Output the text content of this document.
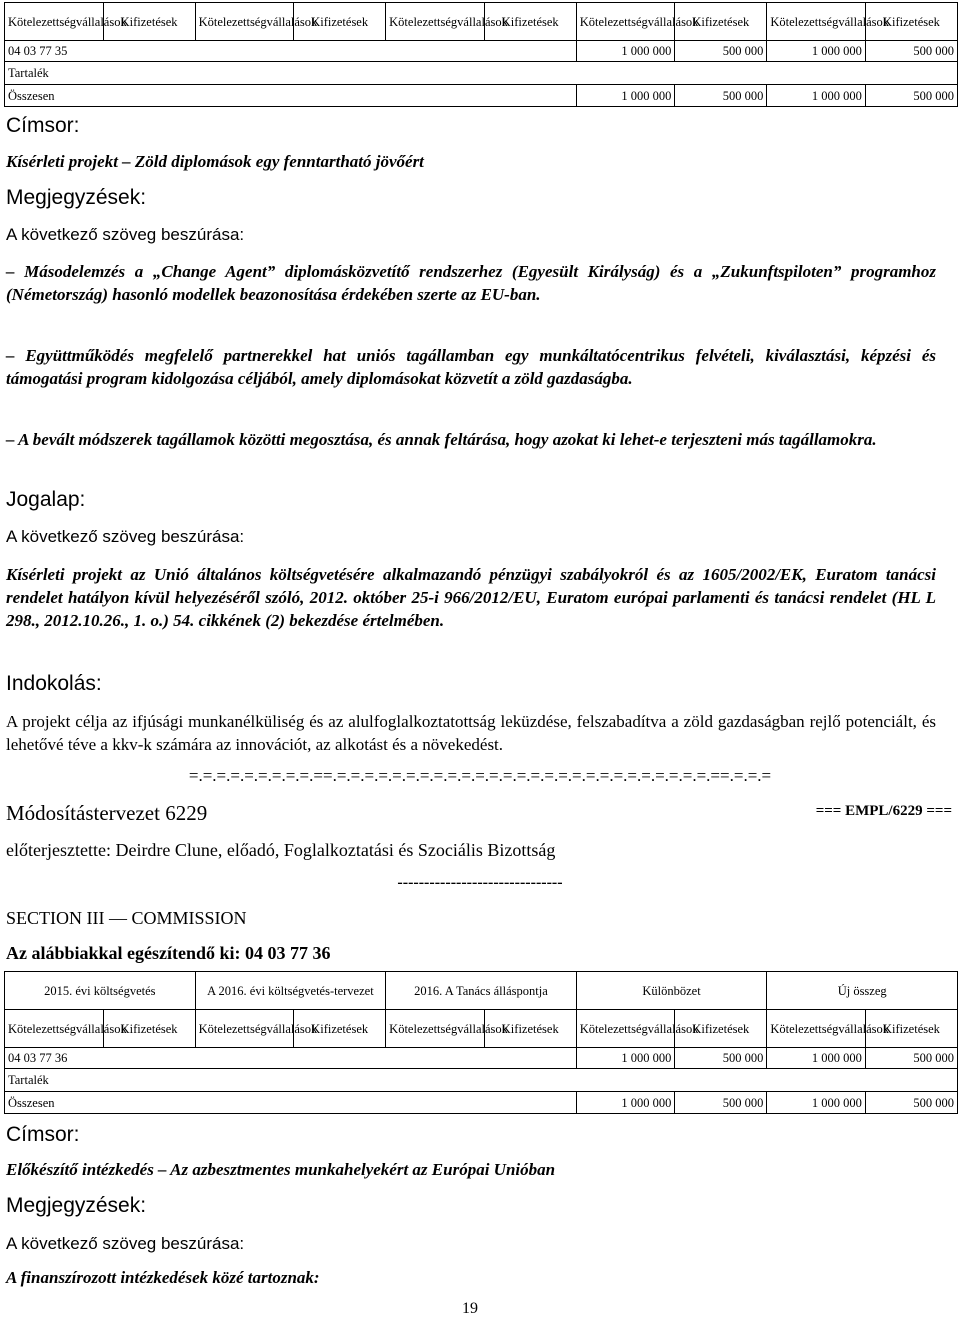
Kötelezettségvállalások	Kifizetések	Kötelezettségvállalások	Kifizetések	Kötelezettségvállalások	Kifizetések	Kötelezettségvállalások	Kifizetések	Kötelezettségvállalások	Kifizetések
04 03 77 35						1 000 000	500 000	1 000 000	500 000
Tartalék									
Összesen						1 000 000	500 000	1 000 000	500 000
Címsor:
Kísérleti projekt – Zöld diplomások egy fenntartható jövőért
Megjegyzések:
A következő szöveg beszúrása:
– Másodelemzés a „Change Agent” diplomásközvetítő rendszerhez (Egyesült Királyság) és a „Zukunftspiloten” programhoz (Németország) hasonló modellek beazonosítása érdekében szerte az EU-ban.
– Együttműködés megfelelő partnerekkel hat uniós tagállamban egy munkáltatócentrikus felvételi, kiválasztási, képzési és támogatási program kidolgozása céljából, amely diplomásokat közvetít a zöld gazdaságba.
– A bevált módszerek tagállamok közötti megosztása, és annak feltárása, hogy azokat ki lehet-e terjeszteni más tagállamokra.
Jogalap:
A következő szöveg beszúrása:
Kísérleti projekt az Unió általános költségvetésére alkalmazandó pénzügyi szabályokról és az 1605/2002/EK, Euratom tanácsi rendelet hatályon kívül helyezéséről szóló, 2012. október 25-i 966/2012/EU, Euratom európai parlamenti és tanácsi rendelet (HL L 298., 2012.10.26., 1. o.) 54. cikkének (2) bekezdése értelmében.
Indokolás:
A projekt célja az ifjúsági munkanélküliség és az alulfoglalkoztatottság leküzdése, felszabadítva a zöld gazdaságban rejlő potenciált, és lehetővé téve a kkv-k számára az innovációt, az alkotást és a növekedést.
=.=.=.=.=.=.=.=.=.==.=.=.=.=.=.=.=.=.=.=.=.=.=.=.=.=.=.=.=.=.=.=.=.=.=.=.=.==.=.=.=
Módosítástervezet 6229	=== EMPL/6229 ===
előterjesztette: Deirdre Clune, előadó, Foglalkoztatási és Szociális Bizottság
-------------------------------
SECTION III — COMMISSION
Az alábbiakkal egészítendő ki: 04 03 77 36
2015. évi költségvetés		A 2016. évi költségvetés-tervezet		2016. A Tanács álláspontja		Különbözet		Új összeg	
Kötelezettségvállalások	Kifizetések	Kötelezettségvállalások	Kifizetések	Kötelezettségvállalások	Kifizetések	Kötelezettségvállalások	Kifizetések	Kötelezettségvállalások	Kifizetések
04 03 77 36						1 000 000	500 000	1 000 000	500 000
Tartalék									
Összesen						1 000 000	500 000	1 000 000	500 000
Címsor:
Előkészítő intézkedés – Az azbesztmentes munkahelyekért az Európai Unióban
Megjegyzések:
A következő szöveg beszúrása:
A finanszírozott intézkedések közé tartoznak:
19
